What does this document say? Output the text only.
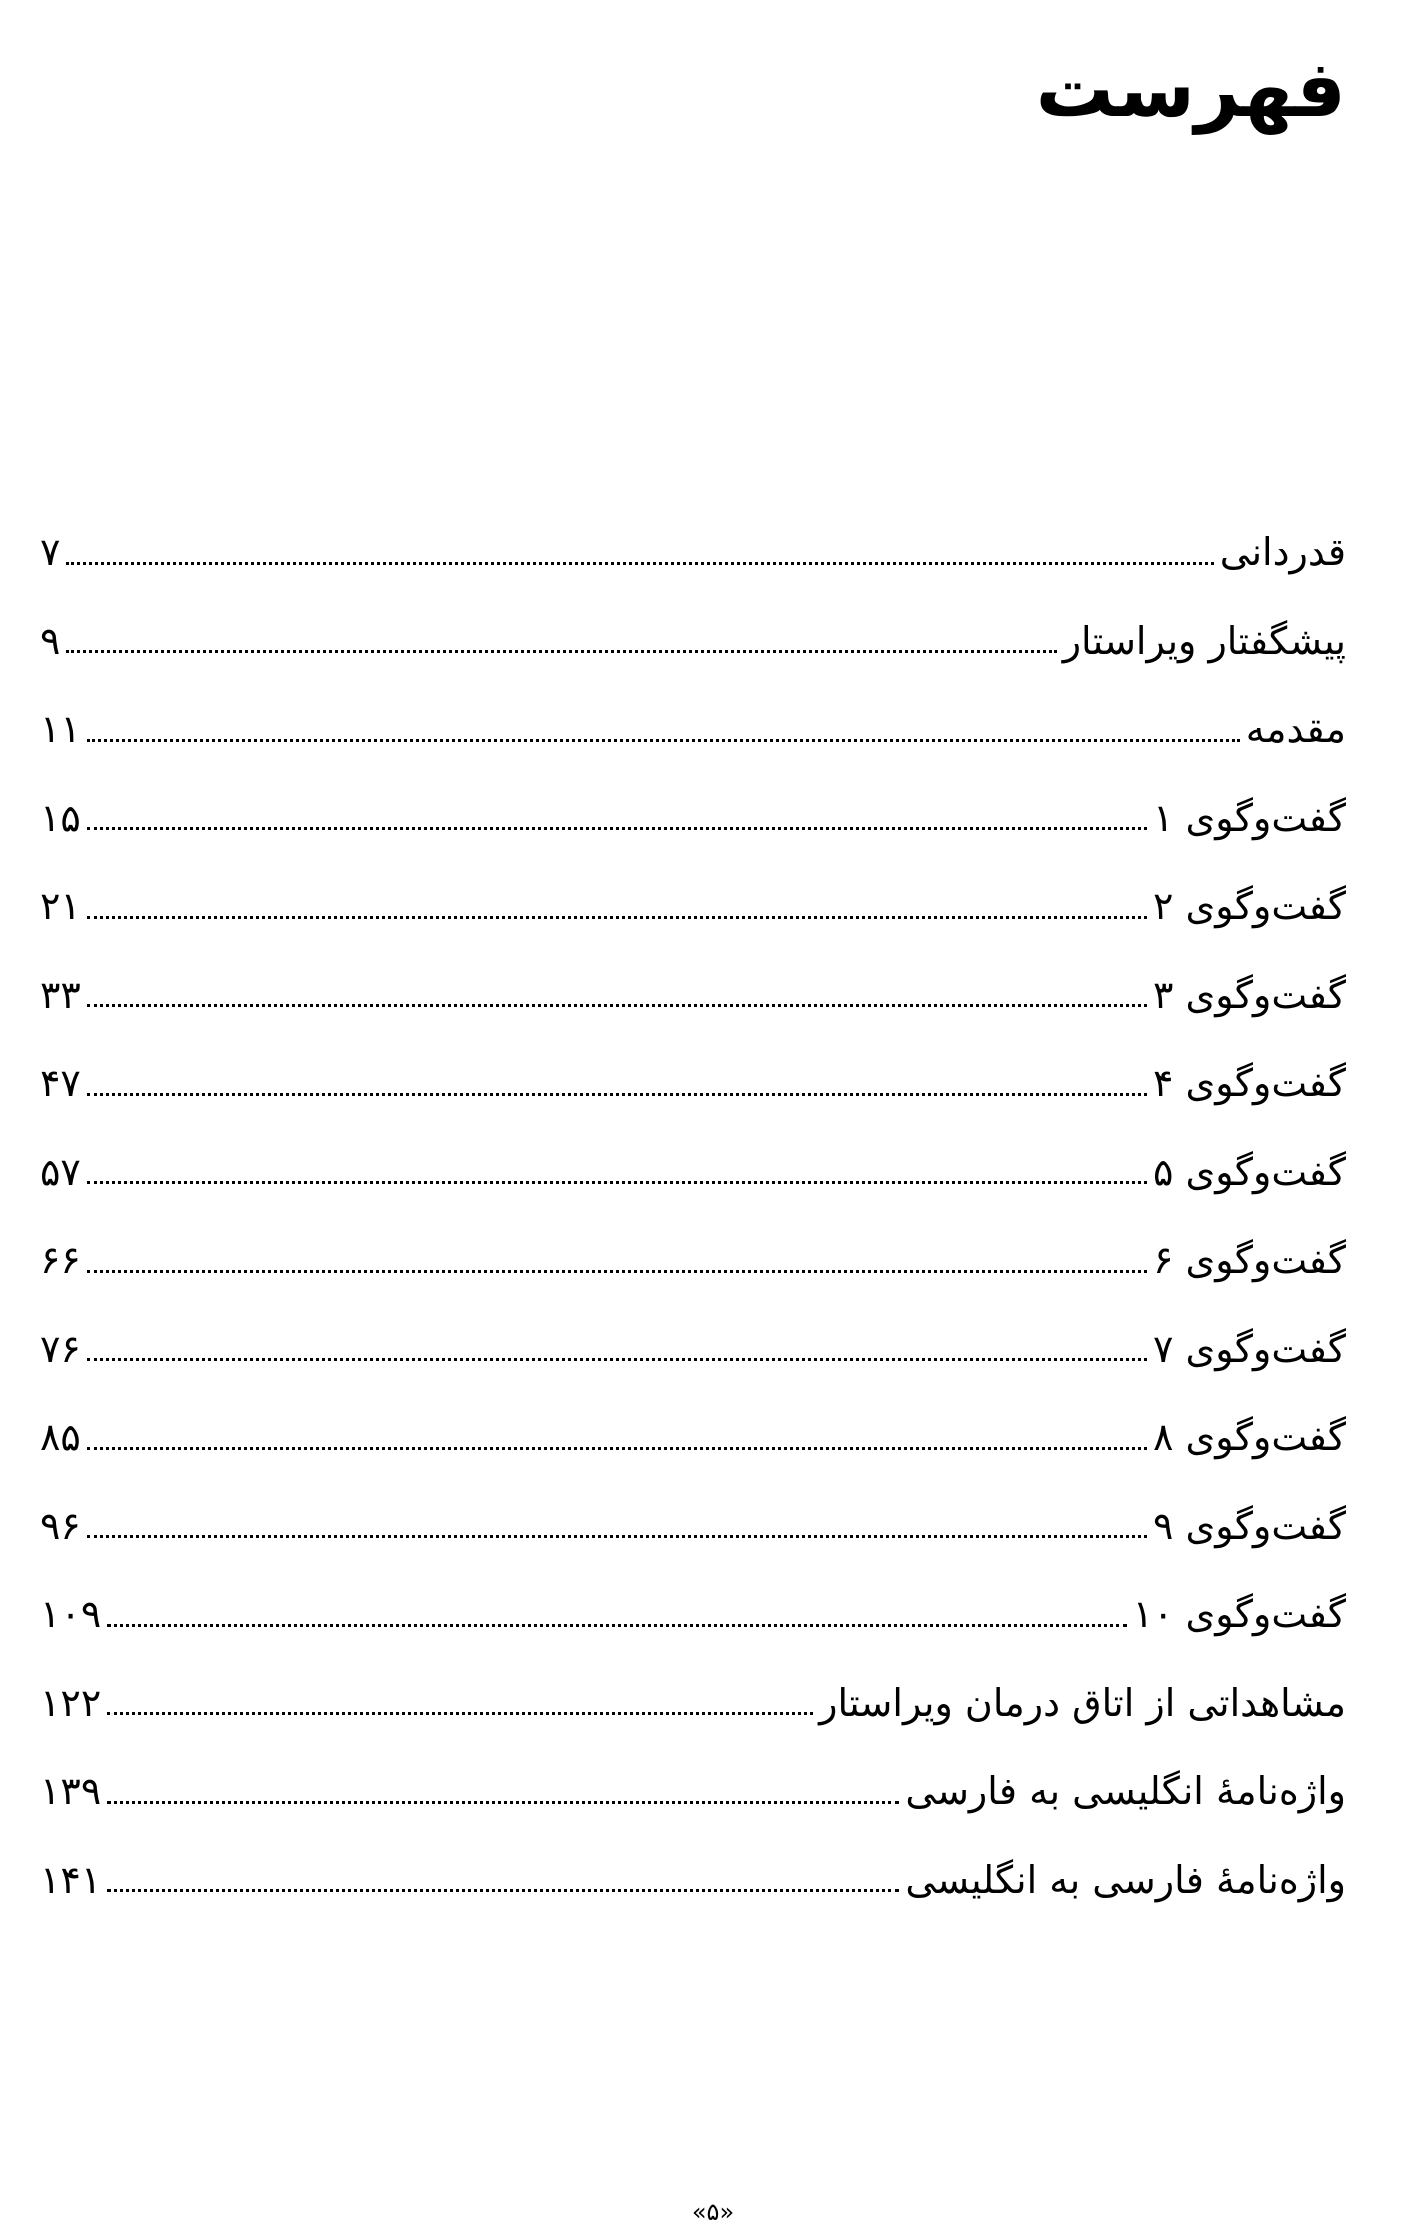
فهرست
۷	قدردانی
۹	پیشگفتار ویراستار
۱۱	مقدمه
۱۵	گفت‌وگوی ۱
۲۱	گفت‌وگوی ۲
۳۳	گفت‌وگوی ۳
۴۷	گفت‌وگوی ۴
۵۷	گفت‌وگوی ۵
۶۶	گفت‌وگوی ۶
۷۶	گفت‌وگوی ۷
۸۵	گفت‌وگوی ۸
۹۶	گفت‌وگوی ۹
۱۰۹	گفت‌وگوی ۱۰
۱۲۲	مشاهداتی از اتاق درمان ویراستار
۱۳۹	واژه‌نامهٔ انگلیسی به فارسی
۱۴۱	واژه‌نامهٔ فارسی به انگلیسی
«۵»
